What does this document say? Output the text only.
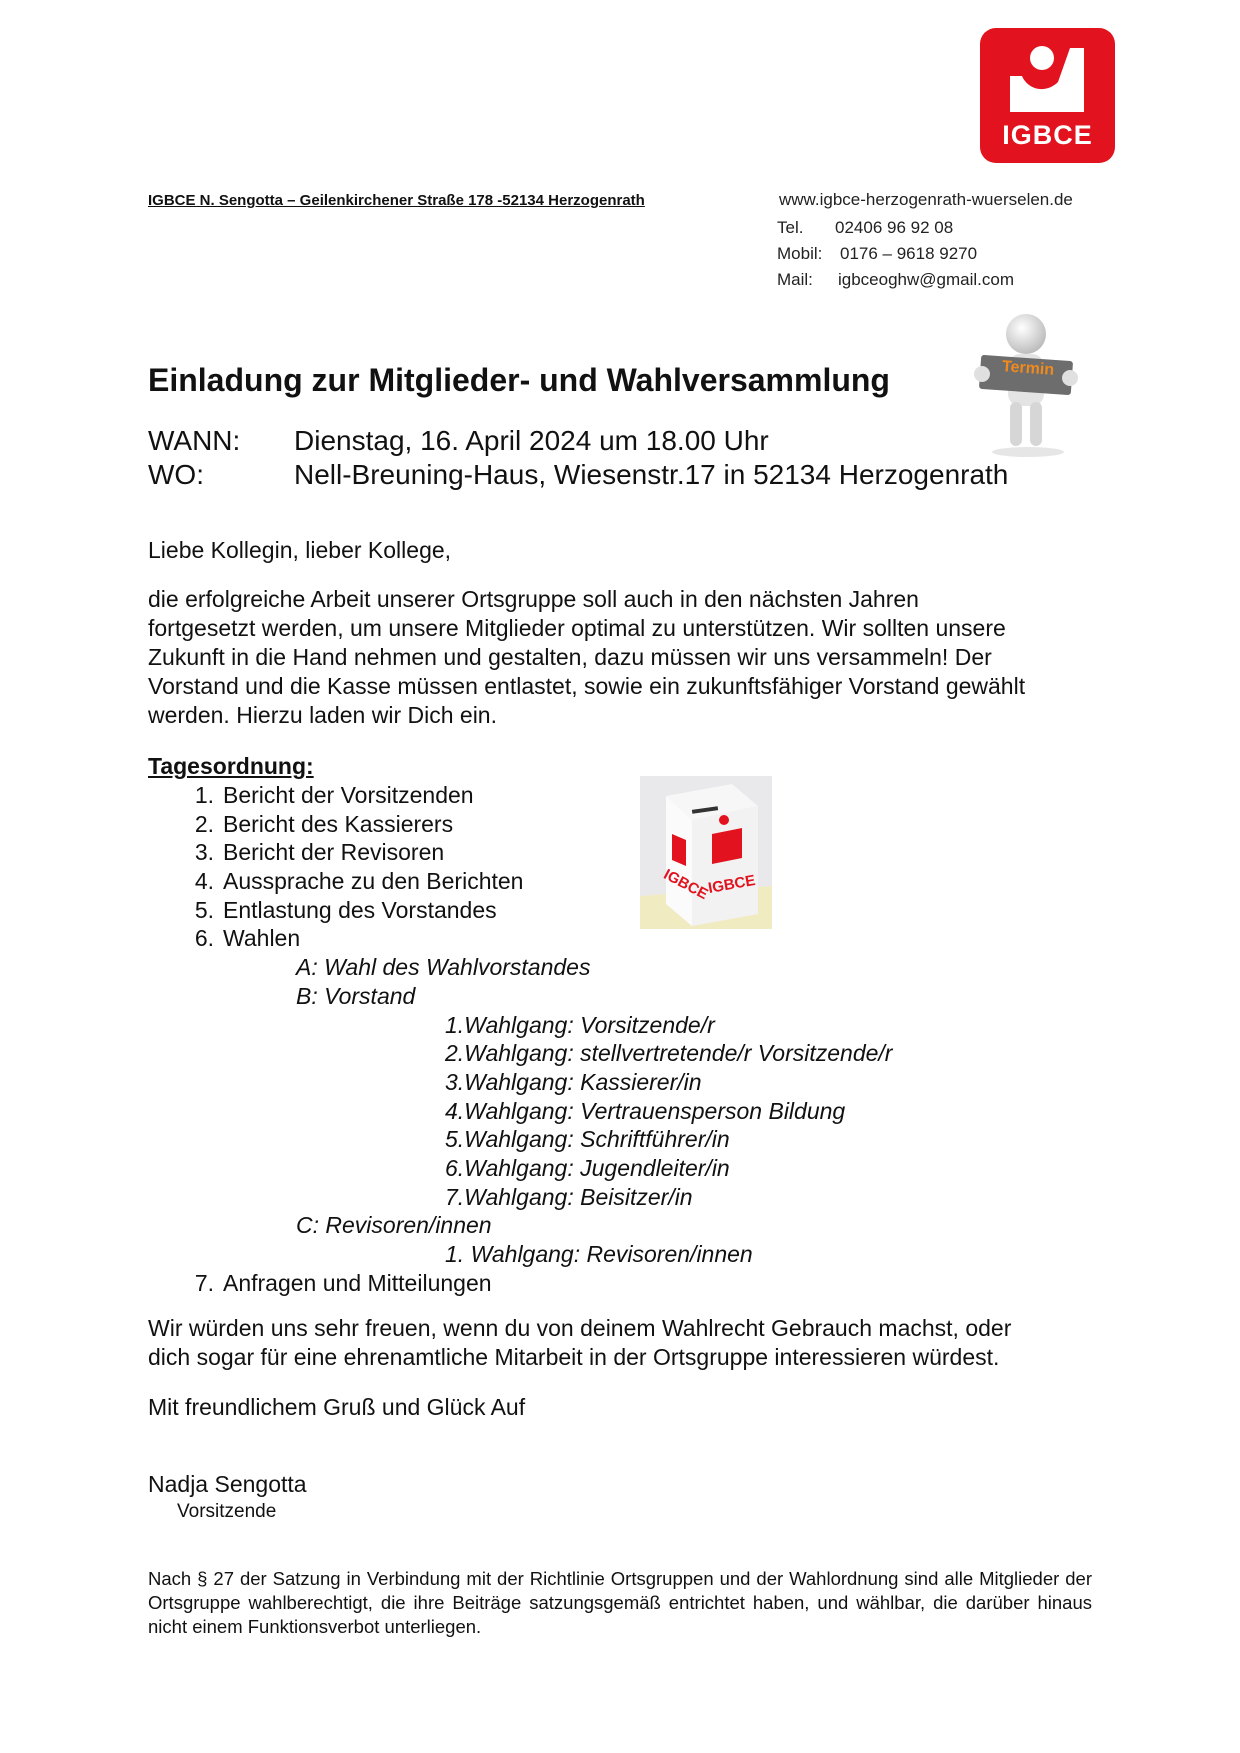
IGBCE
IGBCE N. Sengotta – Geilenkirchener Straße 178 -52134 Herzogenrath	www.igbce-herzogenrath-wuerselen.de
Tel. 02406 96 92 08
Mobil: 0176 – 9618 9270
Mail: igbceoghw@gmail.com
Termin
Einladung zur Mitglieder- und Wahlversammlung
WANN: Dienstag, 16. April 2024 um 18.00 Uhr
WO:	Nell-Breuning-Haus, Wiesenstr.17 in 52134 Herzogenrath
Liebe Kollegin, lieber Kollege,
die erfolgreiche Arbeit unserer Ortsgruppe soll auch in den nächsten Jahren
fortgesetzt werden, um unsere Mitglieder optimal zu unterstützen. Wir sollten unsere
Zukunft in die Hand nehmen und gestalten, dazu müssen wir uns versammeln! Der
Vorstand und die Kasse müssen entlastet, sowie ein zukunftsfähiger Vorstand gewählt
werden. Hierzu laden wir Dich ein.
Tagesordnung:
1. Bericht der Vorsitzenden
2. Bericht des Kassierers
3. Bericht der Revisoren
4. Aussprache zu den Berichten
5. Entlastung des Vorstandes
6. Wahlen
A: Wahl des Wahlvorstandes
B: Vorstand
1.Wahlgang: Vorsitzende/r
2.Wahlgang: stellvertretende/r Vorsitzende/r
3.Wahlgang: Kassierer/in
4.Wahlgang: Vertrauensperson Bildung
5.Wahlgang: Schriftführer/in
6.Wahlgang: Jugendleiter/in
7.Wahlgang: Beisitzer/in
C: Revisoren/innen
1. Wahlgang: Revisoren/innen
7. Anfragen und Mitteilungen
IGBCE
IGBCE
Wir würden uns sehr freuen, wenn du von deinem Wahlrecht Gebrauch machst, oder
dich sogar für eine ehrenamtliche Mitarbeit in der Ortsgruppe interessieren würdest.
Mit freundlichem Gruß und Glück Auf
Nadja Sengotta
Vorsitzende
Nach § 27 der Satzung in Verbindung mit der Richtlinie Ortsgruppen und der Wahlordnung sind alle Mitglieder der Ortsgruppe wahlberechtigt, die ihre Beiträge satzungsgemäß entrichtet haben, und wählbar, die darüber hinaus nicht einem Funktionsverbot unterliegen.
